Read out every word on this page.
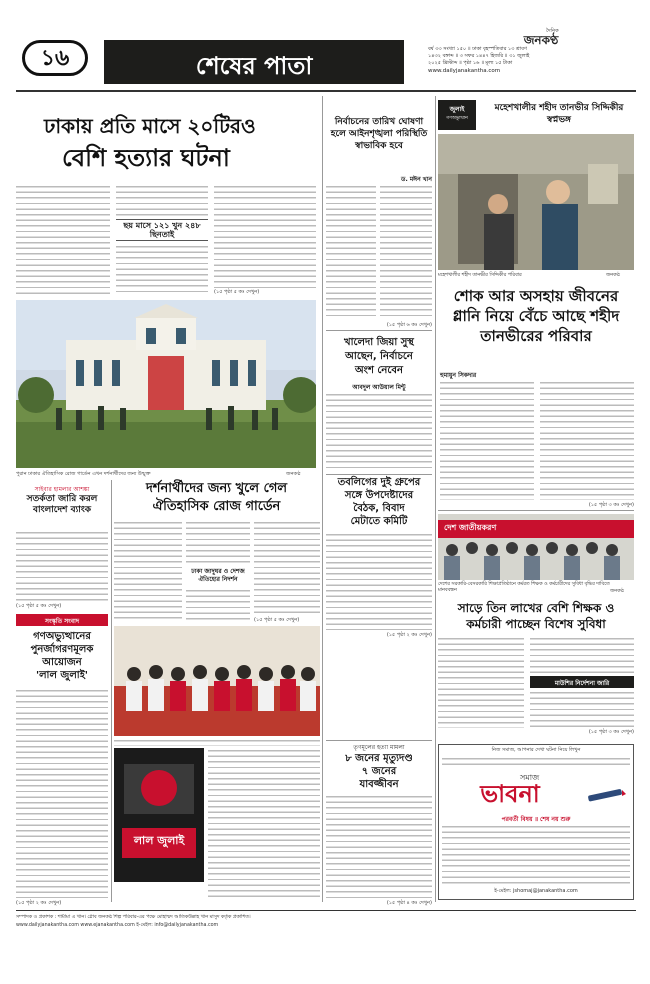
১৬	শেষের পাতা
দৈনিক
জনকণ্ঠ
বর্ষ ৩৩ সংখ্যা ১৫০ ॥ ঢাকা বৃহস্পতিবার ১৩ শ্রাবণ
১৪৩২ বঙ্গাব্দ ॥ ৩ সফর ১৪৪৭ হিজরি ॥ ৩১ জুলাই
২০২৫ খ্রিস্টাব্দ ॥ পৃষ্ঠা ১৬ ॥ মূল্য ১৫ টাকা
www.dailyjanakantha.com
ঢাকায় প্রতি মাসে ২০টিরও
বেশি হত্যার ঘটনা
ছয় মাসে ১২১ খুন ২৪৮ ছিনতাই
(১৫ পৃষ্ঠা ৫ কঃ দেখুন)
পুরান ঢাকার ঐতিহাসিক রোজ গার্ডেন এখন দর্শনার্থীদের জন্য উন্মুক্ত	জনকণ্ঠ
সাইবার হামলার আশঙ্কা
সতর্কতা জারি করল বাংলাদেশ ব্যাংক
(১৫ পৃষ্ঠা ৫ কঃ দেখুন)
সংস্কৃতি সংবাদ
গণঅভ্যুত্থানের
পুনর্জাগরণমূলক
আয়োজন
'লাল জুলাই'
(১৫ পৃষ্ঠা ২ কঃ দেখুন)
দর্শনার্থীদের জন্য খুলে গেল
ঐতিহাসিক রোজ গার্ডেন
ঢাকা জাদুঘর ও দেশজ ঐতিহ্যের নিদর্শন
(১৫ পৃষ্ঠা ৫ কঃ দেখুন)
লাল জুলাই
নির্বাচনের তারিখ ঘোষণা হলে আইনশৃঙ্খলা পরিস্থিতি স্বাভাবিক হবে
ড. মঈন খান
(১৫ পৃষ্ঠা ৬ কঃ দেখুন)
খালেদা জিয়া সুস্থ
আছেন, নির্বাচনে
অংশ নেবেন
আবদুল আউয়াল মিন্টু
তবলিগের দুই গ্রুপের
সঙ্গে উপদেষ্টাদের
বৈঠক, বিবাদ
মেটাতে কমিটি
(১৫ পৃষ্ঠা ২ কঃ দেখুন)
তৃণমূলের হত্যা মামলা
৮ জনের মৃত্যুদণ্ড
৭ জনের
যাবজ্জীবন
(১৫ পৃষ্ঠা ৪ কঃ দেখুন)
জুলাই
গণঅভ্যুত্থান
মহেশখালীর শহীদ তানভীর সিদ্দিকীর স্বপ্নভঙ্গ
মহেশখালীর শহীদ তানভীর সিদ্দিকীর পরিবার	জনকণ্ঠ
শোক আর অসহায় জীবনের গ্লানি নিয়ে বেঁচে আছে শহীদ তানভীরের পরিবার
হুমায়ুন সিকদার
(১৫ পৃষ্ঠা ৩ কঃ দেখুন)
দেশ জাতীয়করণ
দেশের সরকারি-বেসরকারি শিক্ষাপ্রতিষ্ঠানে কর্মরত শিক্ষক ও কর্মচারীদের সুবিধা বৃদ্ধির দাবিতে মানববন্ধন	জনকণ্ঠ
সাড়ে তিন লাখের বেশি শিক্ষক ও
কর্মচারী পাচ্ছেন বিশেষ সুবিধা
মাউশির নির্দেশনা জারি
(১৫ পৃষ্ঠা ৩ কঃ দেখুন)
নিজ সমাজ, আপনার দেখা ঘটনা নিয়ে লিখুন
সমাজ
ভাবনা
পরবর্তী বিষয় ॥ শেষ নয় শুরু
ই-মেইল: jshomaj@janakantha.com
সম্পাদক ও প্রকাশক : শামীমা এ খান। গ্লোব জনকণ্ঠ শিল্প পরিবার-এর পক্ষে মোহাম্মদ আতিকউল্লাহ খান মাসুদ কর্তৃক প্রকাশিত।
www.dailyjanakantha.com www.ejanakantha.com ই-মেইল: info@dailyjanakantha.com
